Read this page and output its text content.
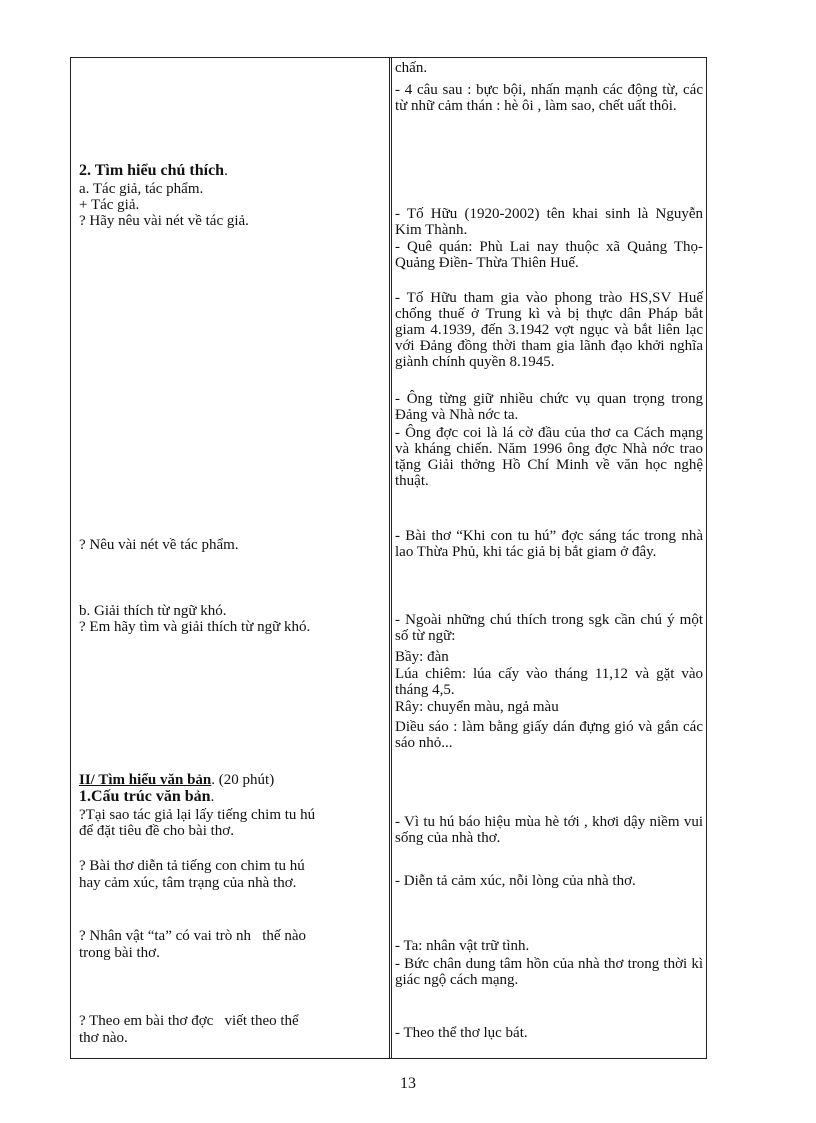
2. Tìm hiểu chú thích.
a. Tác giả, tác phẩm.
+ Tác giả.
? Hãy nêu vài nét về tác giả.
? Nêu vài nét về tác phẩm.
b. Giải thích từ ngữ khó.
? Em hãy tìm và giải thích từ ngữ khó.
II/ Tìm hiểu văn bản. (20 phút)
1.Cấu trúc văn bản.
?Tại sao tác giả lại lấy tiếng chim tu hú
để đặt tiêu đề cho bài thơ.
? Bài thơ diễn tả tiếng con chim tu hú
hay cảm xúc, tâm trạng của nhà thơ.
? Nhân vật “ta” có vai trò nh   thế nào
trong bài thơ.
? Theo em bài thơ đợc   viết theo thể
thơ nào.
chấn.
- 4 câu sau : bực bội, nhấn mạnh các động từ, các từ nhữ cảm thán : hè ôi , làm sao, chết uất thôi.
- Tố Hữu (1920-2002) tên khai sinh là Nguyễn Kim Thành.
- Quê quán: Phù Lai nay thuộc xã Quảng Thọ- Quảng Điền- Thừa Thiên Huế.
- Tố Hữu tham gia vào phong trào HS,SV Huế chống thuế ở Trung kì và bị thực dân Pháp bắt giam 4.1939, đến 3.1942 vợt ngục và bắt liên lạc với Đảng đồng thời tham gia lãnh đạo khởi nghĩa giành chính quyền 8.1945.
- Ông từng giữ nhiều chức vụ quan trọng trong Đảng và Nhà nớc ta.
- Ông đợc coi là lá cờ đầu của thơ ca Cách mạng và kháng chiến. Năm 1996 ông đợc Nhà nớc trao tặng Giải thởng Hồ Chí Minh về văn học nghệ thuật.
- Bài thơ “Khi con tu hú” đợc sáng tác trong nhà lao Thừa Phủ, khi tác giả bị bắt giam ở đây.
- Ngoài những chú thích trong sgk cần chú ý một số từ ngữ:
Bầy: đàn
Lúa chiêm: lúa cấy vào tháng 11,12 và gặt vào tháng 4,5.
Rây: chuyển màu, ngả màu
Diều sáo : làm bằng giấy dán đựng gió và gắn các sáo nhỏ...
- Vì tu hú báo hiệu mùa hè tới , khơi dậy niềm vui sống của nhà thơ.
- Diễn tả cảm xúc, nỗi lòng của nhà thơ.
- Ta: nhân vật trữ tình.
- Bức chân dung tâm hồn của nhà thơ trong thời kì giác ngộ cách mạng.
- Theo thể thơ lục bát.
13
